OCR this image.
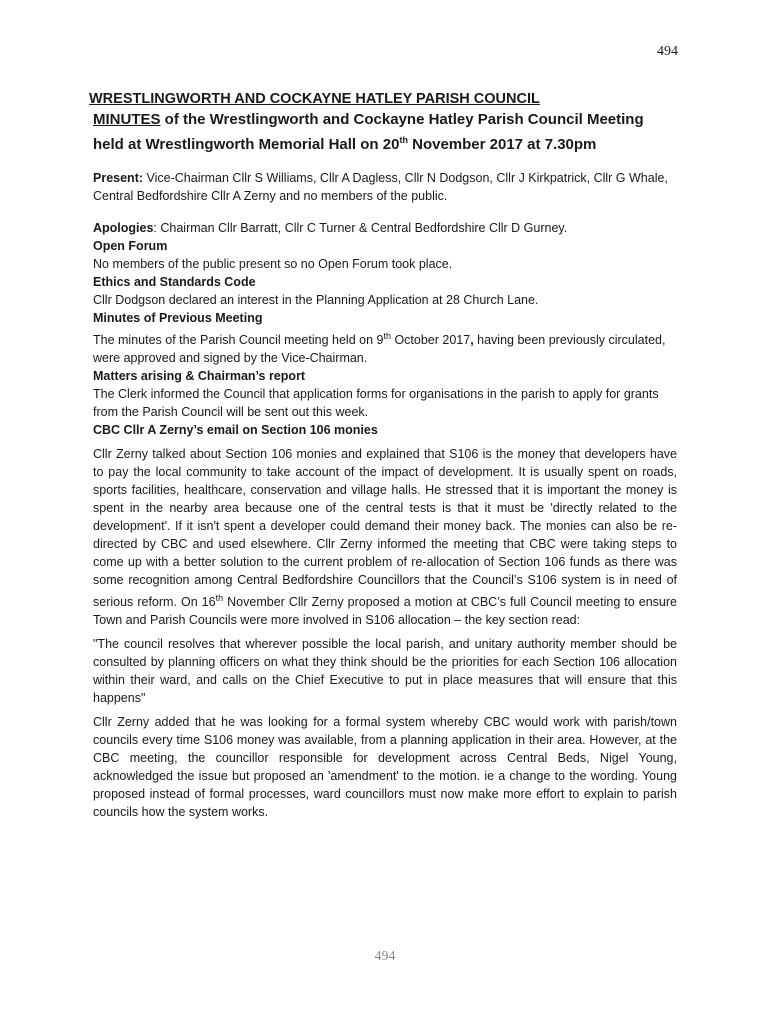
494
WRESTLINGWORTH AND COCKAYNE HATLEY PARISH COUNCIL
MINUTES of the Wrestlingworth and Cockayne Hatley Parish Council Meeting
held at Wrestlingworth Memorial Hall on 20th November 2017 at 7.30pm

Present: Vice-Chairman Cllr S Williams, Cllr A Dagless, Cllr N Dodgson, Cllr J Kirkpatrick, Cllr G Whale, Central Bedfordshire Cllr A Zerny and no members of the public.

Apologies: Chairman Cllr Barratt, Cllr C Turner & Central Bedfordshire Cllr D Gurney.

Open Forum

No members of the public present so no Open Forum took place.

Ethics and Standards Code

Cllr Dodgson declared an interest in the Planning Application at 28 Church Lane.

Minutes of Previous Meeting

The minutes of the Parish Council meeting held on 9th October 2017, having been previously circulated, were approved and signed by the Vice-Chairman.

Matters arising & Chairman’s report

The Clerk informed the Council that application forms for organisations in the parish to apply for grants from the Parish Council will be sent out this week.

CBC Cllr A Zerny’s email on Section 106 monies

Cllr Zerny talked about Section 106 monies and explained that S106 is the money that developers have to pay the local community to take account of the impact of development. It is usually spent on roads, sports facilities, healthcare, conservation and village halls. He stressed that it is important the money is spent in the nearby area because one of the central tests is that it must be 'directly related to the development'. If it isn't spent a developer could demand their money back. The monies can also be re-directed by CBC and used elsewhere. Cllr Zerny informed the meeting that CBC were taking steps to come up with a better solution to the current problem of re-allocation of Section 106 funds as there was some recognition among Central Bedfordshire Councillors that the Council’s S106 system is in need of serious reform. On 16th November Cllr Zerny proposed a motion at CBC’s full Council meeting to ensure Town and Parish Councils were more involved in S106 allocation – the key section read:

"The council resolves that wherever possible the local parish, and unitary authority member should be consulted by planning officers on what they think should be the priorities for each Section 106 allocation within their ward, and calls on the Chief Executive to put in place measures that will ensure that this happens"

Cllr Zerny added that he was looking for a formal system whereby CBC would work with parish/town councils every time S106 money was available, from a planning application in their area. However, at the CBC meeting, the councillor responsible for development across Central Beds, Nigel Young, acknowledged the issue but proposed an 'amendment' to the motion. ie a change to the wording. Young proposed instead of formal processes, ward councillors must now make more effort to explain to parish councils how the system works.

494
